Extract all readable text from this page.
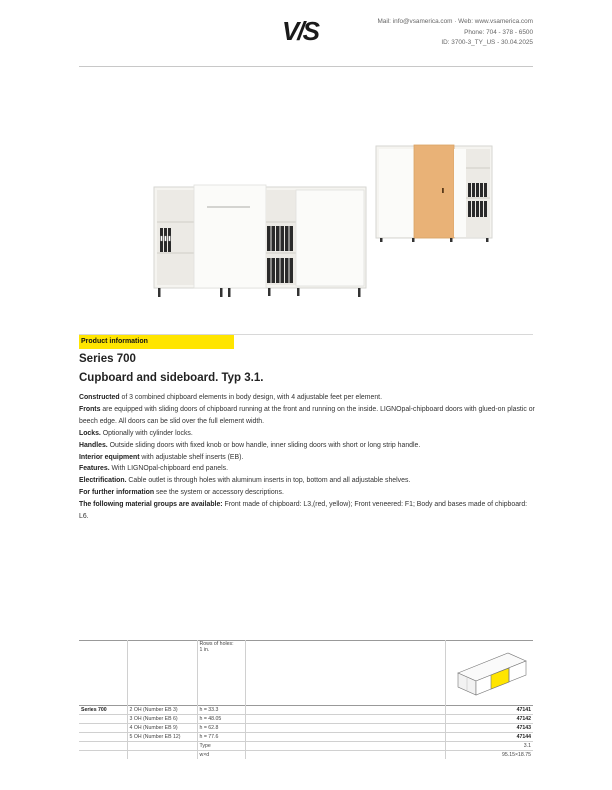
V/S	Mail: info@vsamerica.com · Web: www.vsamerica.com
Phone: 704 - 378 - 6500
ID: 3700-3_TY_US - 30.04.2025
Product information
Series 700
Cupboard and sideboard. Typ 3.1.

Constructed of 3 combined chipboard elements in body design, with 4 adjustable feet per element.

Fronts are equipped with sliding doors of chipboard running at the front and running on the inside. LIGNOpal-chipboard doors with glued-on plastic or beech edge. All doors can be slid over the full element width.

Locks. Optionally with cylinder locks.

Handles. Outside sliding doors with fixed knob or bow handle, inner sliding doors with short or long strip handle.

Interior equipment with adjustable shelf inserts (EB).

Features. With LIGNOpal-chipboard end panels.

Electrification. Cable outlet is through holes with aluminum inserts in top, bottom and all adjustable shelves.

For further information see the system or accessory descriptions.

The following material groups are available: Front made of chipboard: L3,(red, yellow); Front veneered: F1; Body and bases made of chipboard: L6.

		Rows of holes:
1 in.

Series 700	2 OH (Number EB 3)	h = 33.3		47141
	3 OH (Number EB 6)	h = 48.05		47142
	4 OH (Number EB 9)	h = 62.8		47143
	5 OH (Number EB 12)	h = 77.6		47144
		Type		3.1
		w×d		95.15×18.75
